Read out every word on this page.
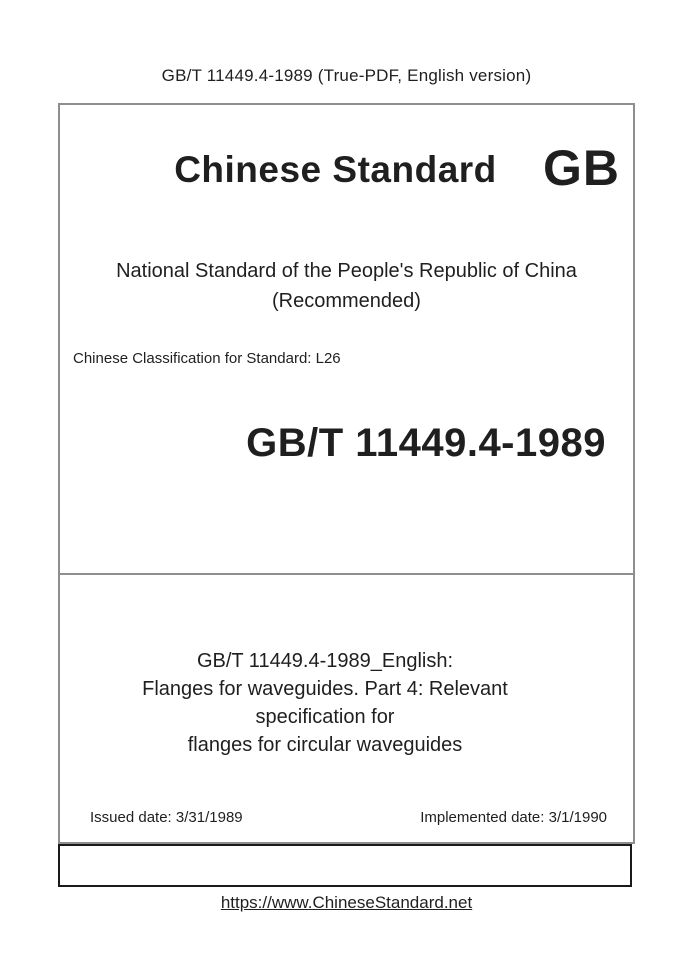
GB/T 11449.4-1989 (True-PDF, English version)
Chinese Standard GB
National Standard of the People's Republic of China
(Recommended)
Chinese Classification for Standard: L26
GB/T 11449.4-1989
GB/T 11449.4-1989_English:
Flanges for waveguides. Part 4: Relevant specification for
flanges for circular waveguides
Issued date: 3/31/1989	Implemented date: 3/1/1990
https://www.ChineseStandard.net
